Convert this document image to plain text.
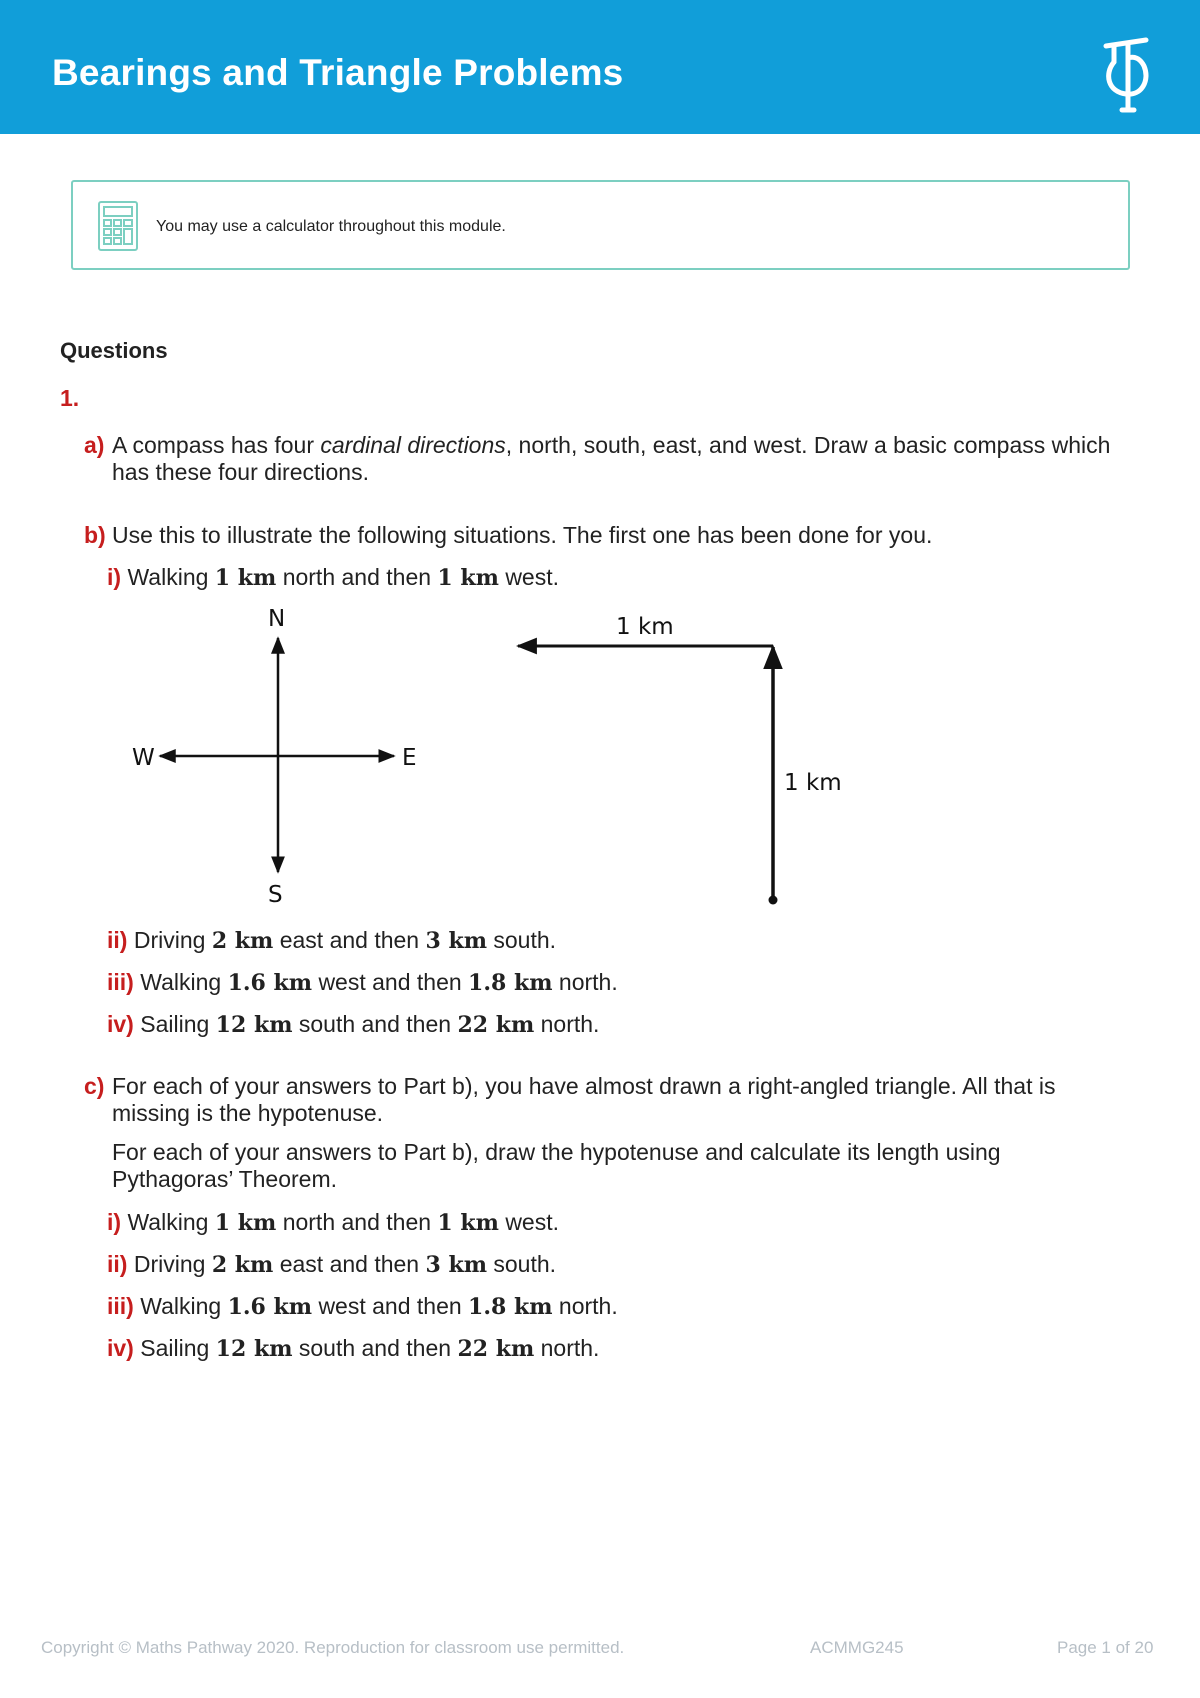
Bearings and Triangle Problems
You may use a calculator throughout this module.
Questions
1.
a) A compass has four cardinal directions, north, south, east, and west. Draw a basic compass which has these four directions.
b) Use this to illustrate the following situations. The first one has been done for you.
i) Walking 1 km north and then 1 km west.
N
S
E
W
1 km
1 km
ii) Driving 2 km east and then 3 km south.
iii) Walking 1.6 km west and then 1.8 km north.
iv) Sailing 12 km south and then 22 km north.
c) For each of your answers to Part b), you have almost drawn a right-angled triangle. All that is missing is the hypotenuse.
For each of your answers to Part b), draw the hypotenuse and calculate its length using Pythagoras’ Theorem.
i) Walking 1 km north and then 1 km west.
ii) Driving 2 km east and then 3 km south.
iii) Walking 1.6 km west and then 1.8 km north.
iv) Sailing 12 km south and then 22 km north.
Copyright © Maths Pathway 2020. Reproduction for classroom use permitted.	ACMMG245	Page 1 of 20
